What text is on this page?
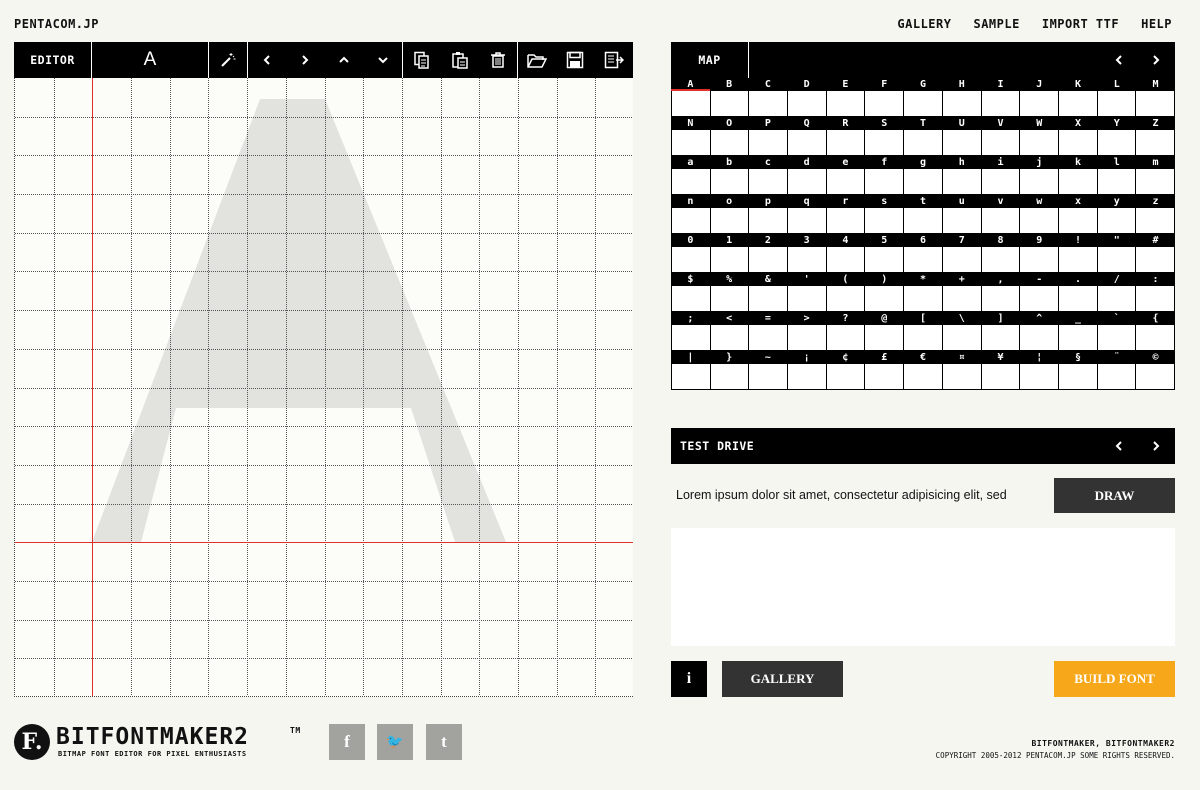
PENTACOM.JP	GALLERY SAMPLE IMPORT TTF HELP
EDITOR	A	MAP
A	B	C	D	E	F	G	H	I	J	K	L	M
N	O	P	Q	R	S	T	U	V	W	X	Y	Z
a	b	c	d	e	f	g	h	i	j	k	l	m
n	o	p	q	r	s	t	u	v	w	x	y	z
0	1	2	3	4	5	6	7	8	9	!	"	#
$	%	&	'	(	)	*	+	,	-	.	/	:
;	<	=	>	?	@	[	\	]	^	_	`	{
|	}	~	¡	¢	£	€	¤	¥	¦	§	¨	©
TEST DRIVE
Lorem ipsum dolor sit amet, consectetur adipisicing elit, sed	DRAW
i	GALLERY	BUILD FONT
F. BITFONTMAKER2	TM
BITMAP FONT EDITOR FOR PIXEL ENTHUSIASTS
f	🐦	t	BITFONTMAKER, BITFONTMAKER2
COPYRIGHT 2005-2012 PENTACOM.JP SOME RIGHTS RESERVED.
